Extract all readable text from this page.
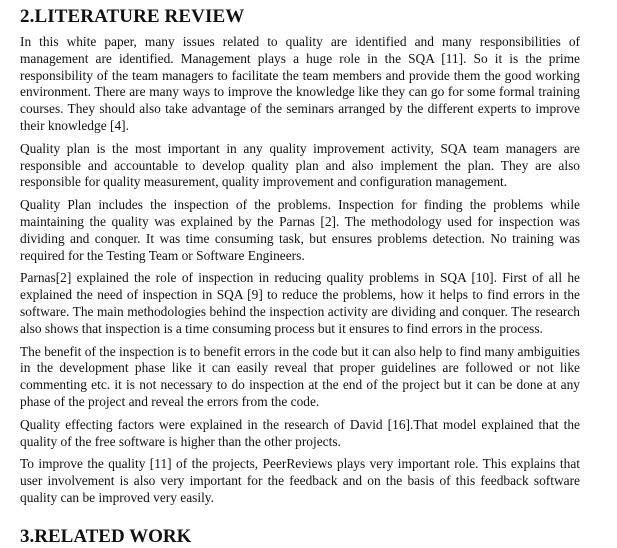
2.LITERATURE REVIEW

In this white paper, many issues related to quality are identified and many responsibilities of management are identified. Management plays a huge role in the SQA [11]. So it is the prime responsibility of the team managers to facilitate the team members and provide them the good working environment. There are many ways to improve the knowledge like they can go for some formal training courses. They should also take advantage of the seminars arranged by the different experts to improve their knowledge [4].

Quality plan is the most important in any quality improvement activity, SQA team managers are responsible and accountable to develop quality plan and also implement the plan. They are also responsible for quality measurement, quality improvement and configuration management.

Quality Plan includes the inspection of the problems. Inspection for finding the problems while maintaining the quality was explained by the Parnas [2]. The methodology used for inspection was dividing and conquer. It was time consuming task, but ensures problems detection. No training was required for the Testing Team or Software Engineers.

Parnas[2] explained the role of inspection in reducing quality problems in SQA [10]. First of all he explained the need of inspection in SQA [9] to reduce the problems, how it helps to find errors in the software. The main methodologies behind the inspection activity are dividing and conquer. The research also shows that inspection is a time consuming process but it ensures to find errors in the process.

The benefit of the inspection is to benefit errors in the code but it can also help to find many ambiguities in the development phase like it can easily reveal that proper guidelines are followed or not like commenting etc. it is not necessary to do inspection at the end of the project but it can be done at any phase of the project and reveal the errors from the code.

Quality effecting factors were explained in the research of David [16].That model explained that the quality of the free software is higher than the other projects.

To improve the quality [11] of the projects, PeerReviews plays very important role. This explains that user involvement is also very important for the feedback and on the basis of this feedback software quality can be improved very easily.

3.RELATED WORK
